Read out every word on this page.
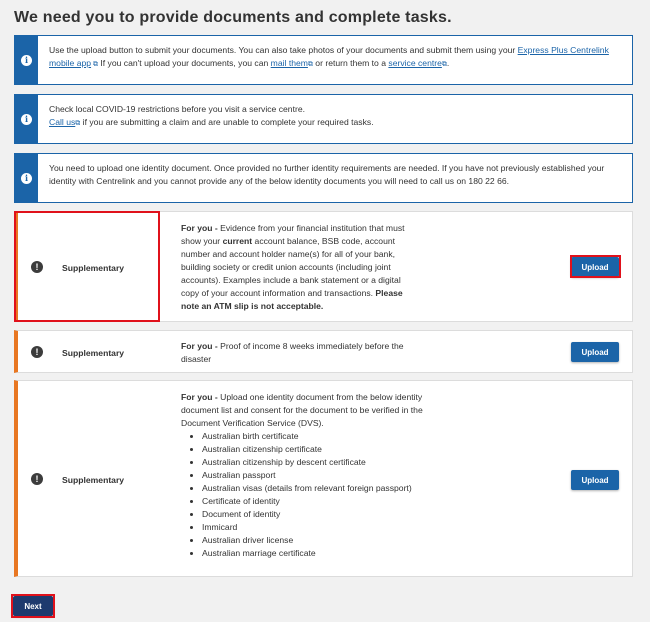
We need you to provide documents and complete tasks.
i
Use the upload button to submit your documents. You can also take photos of your documents and submit them using your Express Plus Centrelink mobile app ⧉ If you can't upload your documents, you can mail them⧉ or return them to a service centre⧉.
i
Check local COVID-19 restrictions before you visit a service centre.
Call us⧉ if you are submitting a claim and are unable to complete your required tasks.
i
You need to upload one identity document. Once provided no further identity requirements are needed. If you have not previously established your identity with Centrelink and you cannot provide any of the below identity documents you will need to call us on 180 22 66.
!	Supplementary
For you - Evidence from your financial institution that must show your current account balance, BSB code, account number and account holder name(s) for all of your bank, building society or credit union accounts (including joint accounts). Examples include a bank statement or a digital copy of your account information and transactions. Please note an ATM slip is not acceptable.
Upload
!	Supplementary
For you - Proof of income 8 weeks immediately before the disaster
Upload
!	Supplementary
For you - Upload one identity document from the below identity document list and consent for the document to be verified in the Document Verification Service (DVS).
• Australian birth certificate
• Australian citizenship certificate
• Australian citizenship by descent certificate
• Australian passport
• Australian visas (details from relevant foreign passport)
• Certificate of identity
• Document of identity
• Immicard
• Australian driver license
• Australian marriage certificate
Upload
Next
